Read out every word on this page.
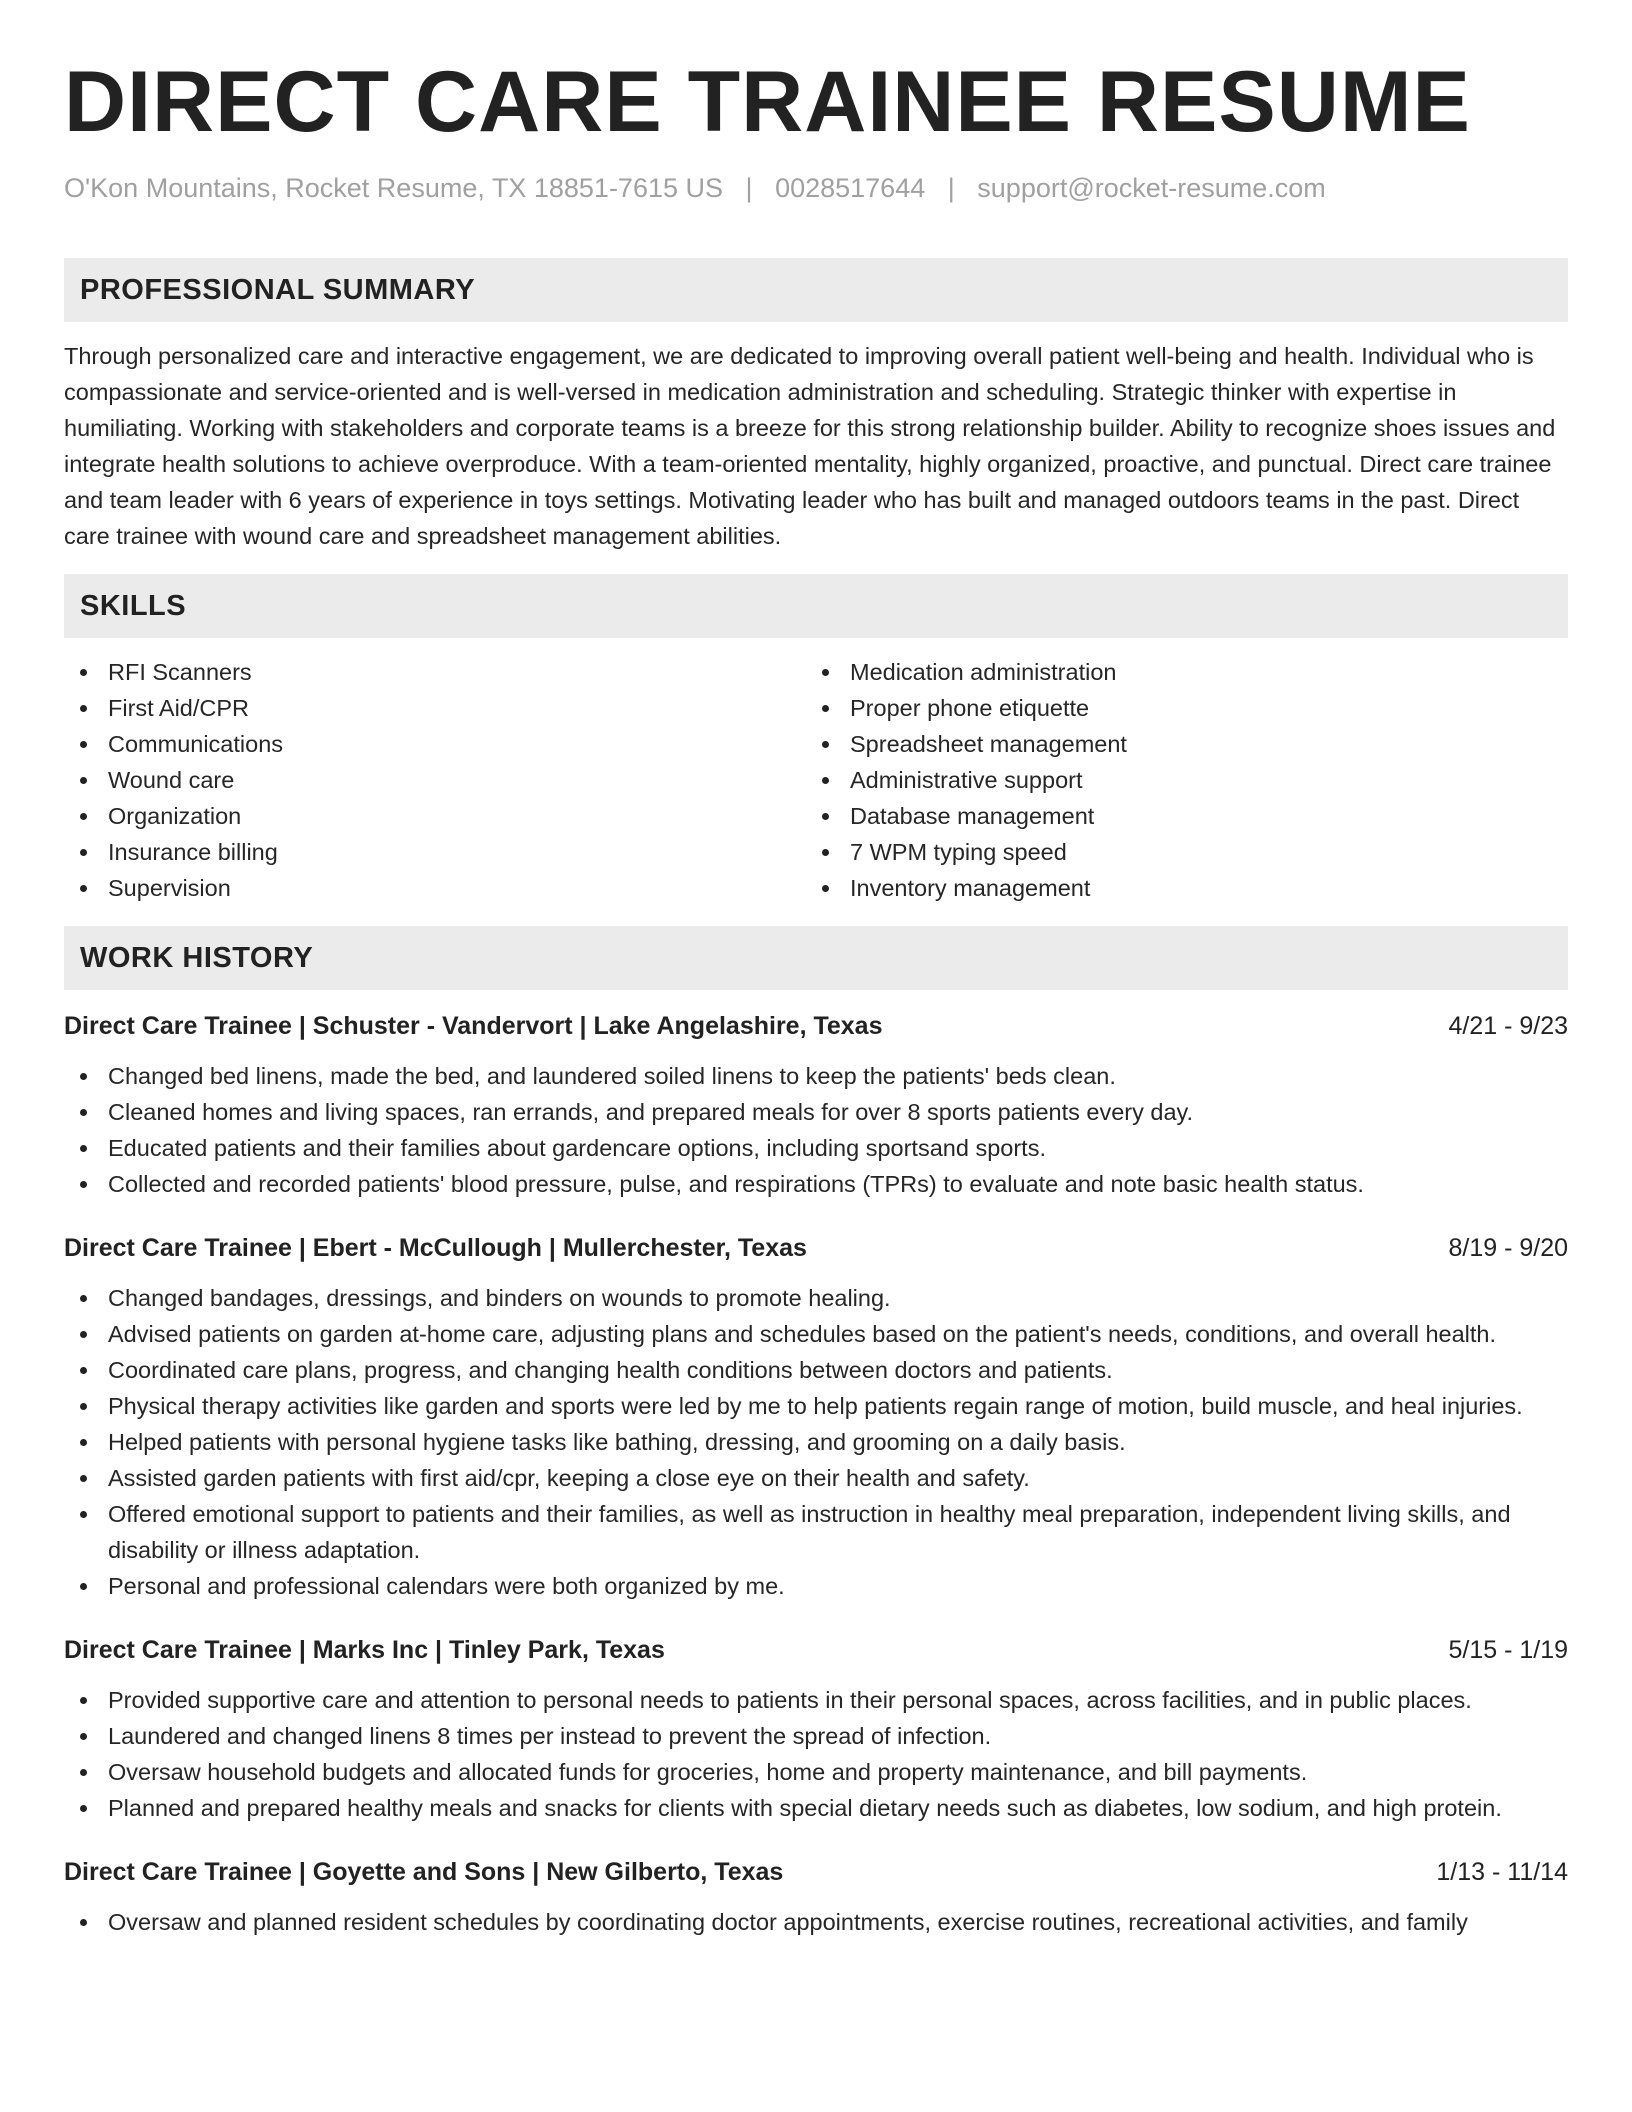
DIRECT CARE TRAINEE RESUME
O'Kon Mountains, Rocket Resume, TX 18851-7615 US | 0028517644 | support@rocket-resume.com
PROFESSIONAL SUMMARY
Through personalized care and interactive engagement, we are dedicated to improving overall patient well-being and health. Individual who is compassionate and service-oriented and is well-versed in medication administration and scheduling. Strategic thinker with expertise in humiliating. Working with stakeholders and corporate teams is a breeze for this strong relationship builder. Ability to recognize shoes issues and integrate health solutions to achieve overproduce. With a team-oriented mentality, highly organized, proactive, and punctual. Direct care trainee and team leader with 6 years of experience in toys settings. Motivating leader who has built and managed outdoors teams in the past. Direct care trainee with wound care and spreadsheet management abilities.
SKILLS
RFI Scanners
First Aid/CPR
Communications
Wound care
Organization
Insurance billing
Supervision
Medication administration
Proper phone etiquette
Spreadsheet management
Administrative support
Database management
7 WPM typing speed
Inventory management
WORK HISTORY
Direct Care Trainee | Schuster - Vandervort | Lake Angelashire, Texas	4/21 - 9/23
Changed bed linens, made the bed, and laundered soiled linens to keep the patients' beds clean.
Cleaned homes and living spaces, ran errands, and prepared meals for over 8 sports patients every day.
Educated patients and their families about gardencare options, including sportsand sports.
Collected and recorded patients' blood pressure, pulse, and respirations (TPRs) to evaluate and note basic health status.
Direct Care Trainee | Ebert - McCullough | Mullerchester, Texas	8/19 - 9/20
Changed bandages, dressings, and binders on wounds to promote healing.
Advised patients on garden at-home care, adjusting plans and schedules based on the patient's needs, conditions, and overall health.
Coordinated care plans, progress, and changing health conditions between doctors and patients.
Physical therapy activities like garden and sports were led by me to help patients regain range of motion, build muscle, and heal injuries.
Helped patients with personal hygiene tasks like bathing, dressing, and grooming on a daily basis.
Assisted garden patients with first aid/cpr, keeping a close eye on their health and safety.
Offered emotional support to patients and their families, as well as instruction in healthy meal preparation, independent living skills, and disability or illness adaptation.
Personal and professional calendars were both organized by me.
Direct Care Trainee | Marks Inc | Tinley Park, Texas	5/15 - 1/19
Provided supportive care and attention to personal needs to patients in their personal spaces, across facilities, and in public places.
Laundered and changed linens 8 times per instead to prevent the spread of infection.
Oversaw household budgets and allocated funds for groceries, home and property maintenance, and bill payments.
Planned and prepared healthy meals and snacks for clients with special dietary needs such as diabetes, low sodium, and high protein.
Direct Care Trainee | Goyette and Sons | New Gilberto, Texas	1/13 - 11/14
Oversaw and planned resident schedules by coordinating doctor appointments, exercise routines, recreational activities, and family
